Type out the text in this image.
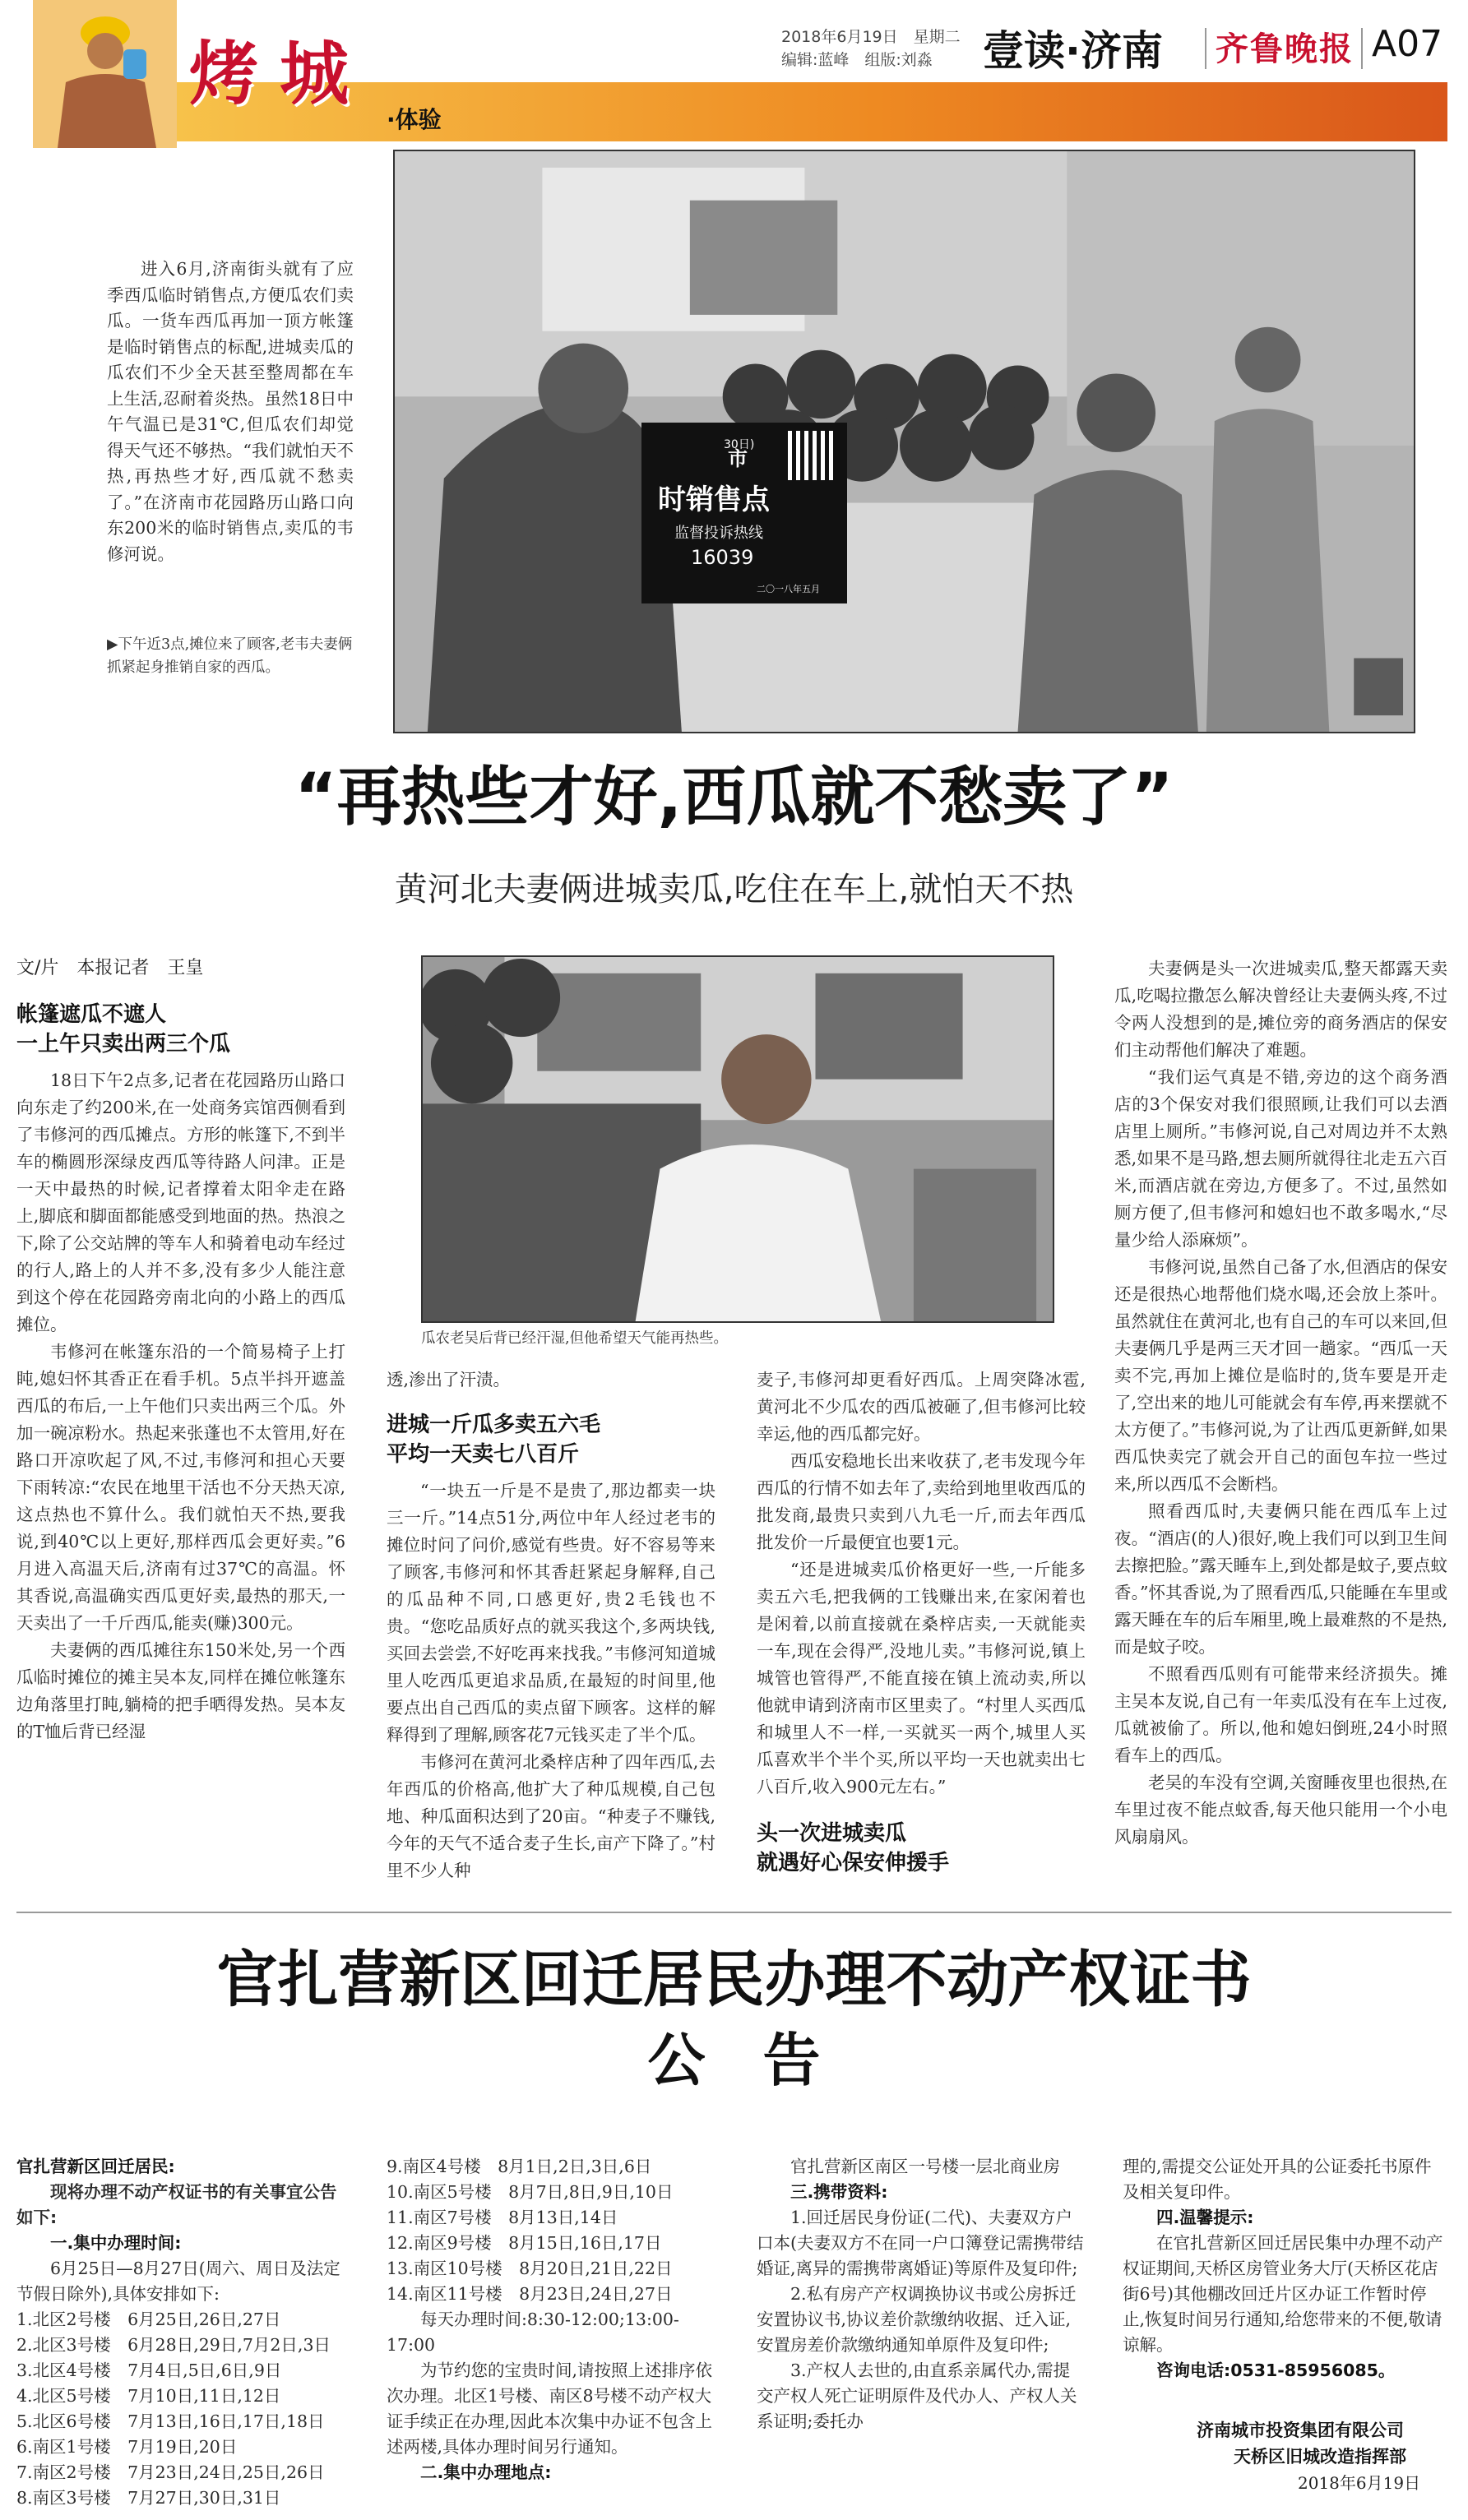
烤城
·体验
2018年6月19日　星期二
编辑:蓝峰　组版:刘淼 壹读·济南 齐鲁晚报 A07
市
时销售点
30日)
监督投诉热线
16039
二〇一八年五月

进入6月,济南街头就有了应季西瓜临时销售点,方便瓜农们卖瓜。一货车西瓜再加一顶方帐篷是临时销售点的标配,进城卖瓜的瓜农们不少全天甚至整周都在车上生活,忍耐着炎热。虽然18日中午气温已是31℃,但瓜农们却觉得天气还不够热。“我们就怕天不热,再热些才好,西瓜就不愁卖了。”在济南市花园路历山路口向东200米的临时销售点,卖瓜的韦修河说。

▶下午近3点,摊位来了顾客,老韦夫妻俩抓紧起身推销自家的西瓜。
“再热些才好,西瓜就不愁卖了”
黄河北夫妻俩进城卖瓜,吃住在车上,就怕天不热
文/片　本报记者　王皇
帐篷遮瓜不遮人
一上午只卖出两三个瓜

18日下午2点多,记者在花园路历山路口向东走了约200米,在一处商务宾馆西侧看到了韦修河的西瓜摊点。方形的帐篷下,不到半车的椭圆形深绿皮西瓜等待路人问津。正是一天中最热的时候,记者撑着太阳伞走在路上,脚底和脚面都能感受到地面的热。热浪之下,除了公交站牌的等车人和骑着电动车经过的行人,路上的人并不多,没有多少人能注意到这个停在花园路旁南北向的小路上的西瓜摊位。

韦修河在帐篷东沿的一个简易椅子上打盹,媳妇怀其香正在看手机。5点半抖开遮盖西瓜的布后,一上午他们只卖出两三个瓜。外加一碗凉粉水。热起来张蓬也不太管用,好在路口开凉吹起了风,不过,韦修河和担心天要下雨转凉:“农民在地里干活也不分天热天凉,这点热也不算什么。我们就怕天不热,要我说,到40℃以上更好,那样西瓜会更好卖。”6月进入高温天后,济南有过37℃的高温。怀其香说,高温确实西瓜更好卖,最热的那天,一天卖出了一千斤西瓜,能卖(赚)300元。

夫妻俩的西瓜摊往东150米处,另一个西瓜临时摊位的摊主吴本友,同样在摊位帐篷东边角落里打盹,躺椅的把手晒得发热。吴本友的T恤后背已经湿

瓜农老吴后背已经汗湿,但他希望天气能再热些。

透,渗出了汗渍。

进城一斤瓜多卖五六毛
平均一天卖七八百斤

“一块五一斤是不是贵了,那边都卖一块三一斤。”14点51分,两位中年人经过老韦的摊位时问了问价,感觉有些贵。好不容易等来了顾客,韦修河和怀其香赶紧起身解释,自己的瓜品种不同,口感更好,贵2毛钱也不贵。“您吃品质好点的就买我这个,多两块钱,买回去尝尝,不好吃再来找我。”韦修河知道城里人吃西瓜更追求品质,在最短的时间里,他要点出自己西瓜的卖点留下顾客。这样的解释得到了理解,顾客花7元钱买走了半个瓜。

韦修河在黄河北桑梓店种了四年西瓜,去年西瓜的价格高,他扩大了种瓜规模,自己包地、种瓜面积达到了20亩。“种麦子不赚钱,今年的天气不适合麦子生长,亩产下降了。”村里不少人种

麦子,韦修河却更看好西瓜。上周突降冰雹,黄河北不少瓜农的西瓜被砸了,但韦修河比较幸运,他的西瓜都完好。

西瓜安稳地长出来收获了,老韦发现今年西瓜的行情不如去年了,卖给到地里收西瓜的批发商,最贵只卖到八九毛一斤,而去年西瓜批发价一斤最便宜也要1元。

“还是进城卖瓜价格更好一些,一斤能多卖五六毛,把我俩的工钱赚出来,在家闲着也是闲着,以前直接就在桑梓店卖,一天就能卖一车,现在会得严,没地儿卖。”韦修河说,镇上城管也管得严,不能直接在镇上流动卖,所以他就申请到济南市区里卖了。“村里人买西瓜和城里人不一样,一买就买一两个,城里人买瓜喜欢半个半个买,所以平均一天也就卖出七八百斤,收入900元左右。”

头一次进城卖瓜
就遇好心保安伸援手

夫妻俩是头一次进城卖瓜,整天都露天卖瓜,吃喝拉撒怎么解决曾经让夫妻俩头疼,不过令两人没想到的是,摊位旁的商务酒店的保安们主动帮他们解决了难题。

“我们运气真是不错,旁边的这个商务酒店的3个保安对我们很照顾,让我们可以去酒店里上厕所。”韦修河说,自己对周边并不太熟悉,如果不是马路,想去厕所就得往北走五六百米,而酒店就在旁边,方便多了。不过,虽然如厕方便了,但韦修河和媳妇也不敢多喝水,“尽量少给人添麻烦”。

韦修河说,虽然自己备了水,但酒店的保安还是很热心地帮他们烧水喝,还会放上茶叶。虽然就住在黄河北,也有自己的车可以来回,但夫妻俩几乎是两三天才回一趟家。“西瓜一天卖不完,再加上摊位是临时的,货车要是开走了,空出来的地儿可能就会有车停,再来摆就不太方便了。”韦修河说,为了让西瓜更新鲜,如果西瓜快卖完了就会开自己的面包车拉一些过来,所以西瓜不会断档。

照看西瓜时,夫妻俩只能在西瓜车上过夜。“酒店(的人)很好,晚上我们可以到卫生间去擦把脸。”露天睡车上,到处都是蚊子,要点蚊香。”怀其香说,为了照看西瓜,只能睡在车里或露天睡在车的后车厢里,晚上最难熬的不是热,而是蚊子咬。

不照看西瓜则有可能带来经济损失。摊主吴本友说,自己有一年卖瓜没有在车上过夜,瓜就被偷了。所以,他和媳妇倒班,24小时照看车上的西瓜。

老吴的车没有空调,关窗睡夜里也很热,在车里过夜不能点蚊香,每天他只能用一个小电风扇扇风。

官扎营新区回迁居民办理不动产权证书
公　告

官扎营新区回迁居民:

现将办理不动产权证书的有关事宜公告如下:

一.集中办理时间:

6月25日—8月27日(周六、周日及法定节假日除外),具体安排如下:

1.北区2号楼　6月25日,26日,27日

2.北区3号楼　6月28日,29日,7月2日,3日

3.北区4号楼　7月4日,5日,6日,9日

4.北区5号楼　7月10日,11日,12日

5.北区6号楼　7月13日,16日,17日,18日

6.南区1号楼　7月19日,20日

7.南区2号楼　7月23日,24日,25日,26日

8.南区3号楼　7月27日,30日,31日

9.南区4号楼　8月1日,2日,3日,6日

10.南区5号楼　8月7日,8日,9日,10日

11.南区7号楼　8月13日,14日

12.南区9号楼　8月15日,16日,17日

13.南区10号楼　8月20日,21日,22日

14.南区11号楼　8月23日,24日,27日

每天办理时间:8:30-12:00;13:00-17:00

为节约您的宝贵时间,请按照上述排序依次办理。北区1号楼、南区8号楼不动产权大证手续正在办理,因此本次集中办证不包含上述两楼,具体办理时间另行通知。

二.集中办理地点:

官扎营新区南区一号楼一层北商业房

三.携带资料:

1.回迁居民身份证(二代)、夫妻双方户口本(夫妻双方不在同一户口簿登记需携带结婚证,离异的需携带离婚证)等原件及复印件;

2.私有房产产权调换协议书或公房拆迁安置协议书,协议差价款缴纳收据、迁入证,安置房差价款缴纳通知单原件及复印件;

3.产权人去世的,由直系亲属代办,需提交产权人死亡证明原件及代办人、产权人关系证明;委托办

理的,需提交公证处开具的公证委托书原件及相关复印件。

四.温馨提示:

在官扎营新区回迁居民集中办理不动产权证期间,天桥区房管业务大厅(天桥区花店街6号)其他棚改回迁片区办证工作暂时停止,恢复时间另行通知,给您带来的不便,敬请谅解。

咨询电话:0531-85956085。

济南城市投资集团有限公司
天桥区旧城改造指挥部
2018年6月19日
